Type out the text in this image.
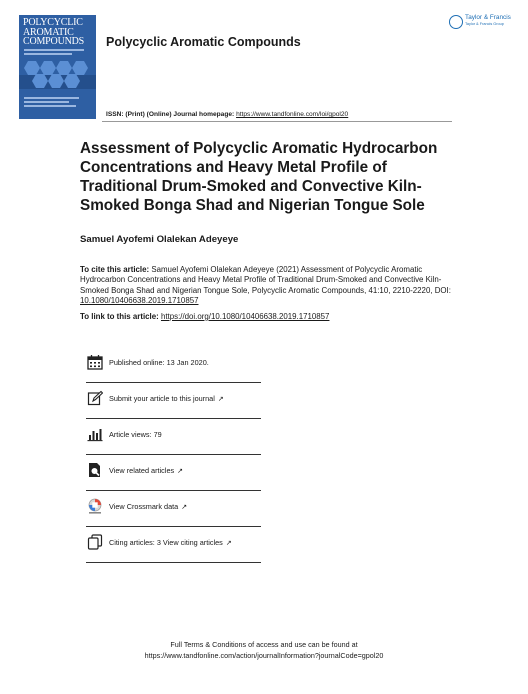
POLYCYCLIC
AROMATIC
COMPOUNDS Polycyclic Aromatic Compounds
Taylor & Francis
Taylor & Francis Group
ISSN: (Print) (Online) Journal homepage: https://www.tandfonline.com/loi/gpol20
Assessment of Polycyclic Aromatic Hydrocarbon Concentrations and Heavy Metal Profile of Traditional Drum-Smoked and Convective Kiln-Smoked Bonga Shad and Nigerian Tongue Sole
Samuel Ayofemi Olalekan Adeyeye
To cite this article: Samuel Ayofemi Olalekan Adeyeye (2021) Assessment of Polycyclic Aromatic Hydrocarbon Concentrations and Heavy Metal Profile of Traditional Drum-Smoked and Convective Kiln-Smoked Bonga Shad and Nigerian Tongue Sole, Polycyclic Aromatic Compounds, 41:10, 2210-2220, DOI: 10.1080/10406638.2019.1710857
To link to this article: https://doi.org/10.1080/10406638.2019.1710857
Published online: 13 Jan 2020.
Submit your article to this journal ↗
Article views: 79
View related articles ↗
View Crossmark data ↗
Citing articles: 3 View citing articles ↗
Full Terms & Conditions of access and use can be found at
https://www.tandfonline.com/action/journalInformation?journalCode=gpol20
